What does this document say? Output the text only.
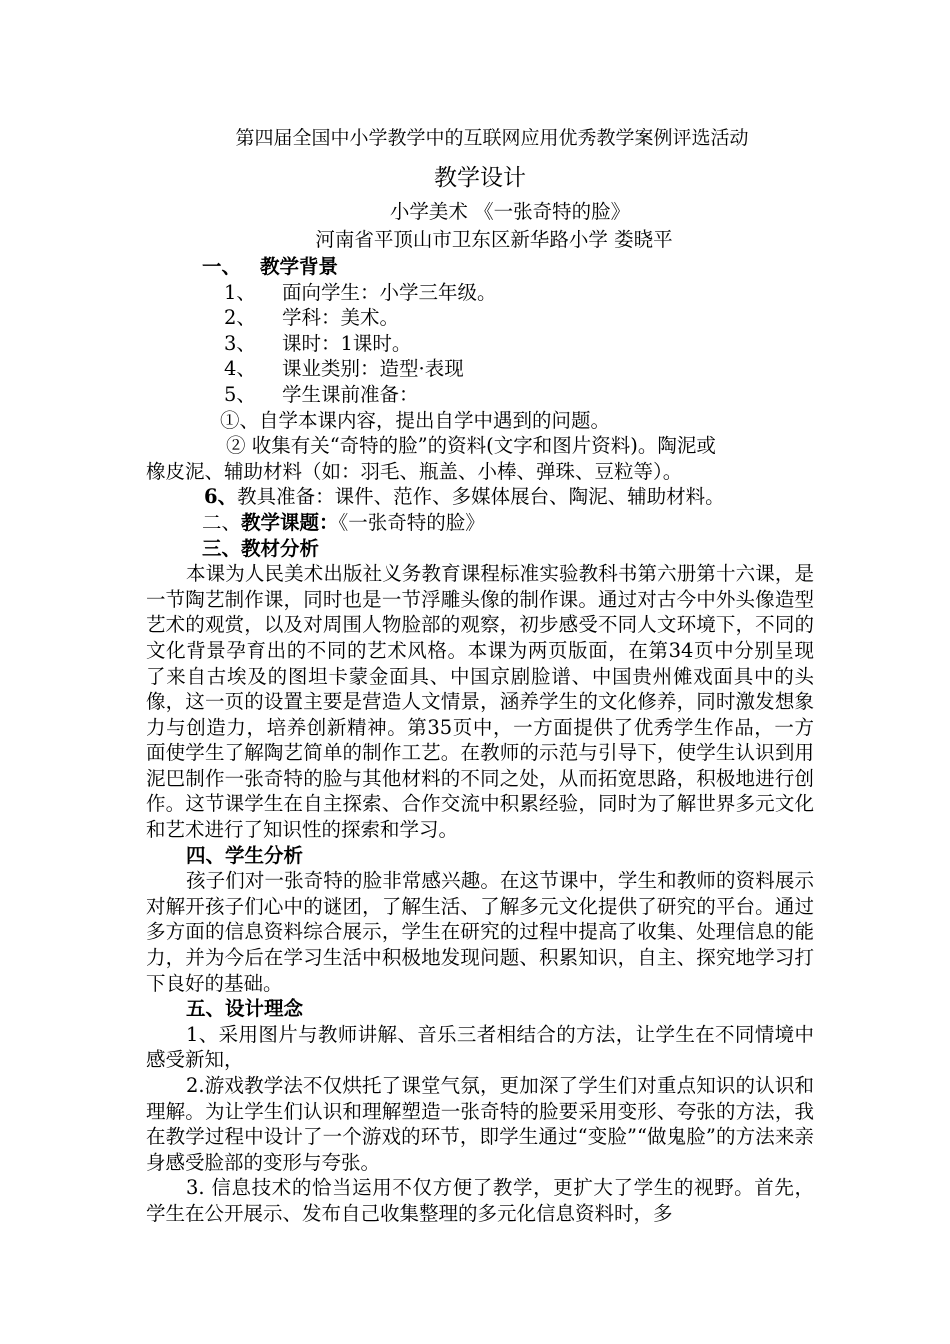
第四届全国中小学教学中的互联网应用优秀教学案例评选活动

教学设计

小学美术 《一张奇特的脸》

河南省平顶山市卫东区新华路小学 娄晓平

一、 教学背景

1、 面向学生：小学三年级。

2、 学科：美术。

3、 课时：1课时。

4、 课业类别：造型·表现

5、 学生课前准备：

①、自学本课内容，提出自学中遇到的问题。

② 收集有关“奇特的脸”的资料(文字和图片资料)。陶泥或

橡皮泥、辅助材料（如：羽毛、瓶盖、小棒、弹珠、豆粒等）。

6、教具准备：课件、范作、多媒体展台、陶泥、辅助材料。

二、教学课题：《一张奇特的脸》

三、教材分析

本课为人民美术出版社义务教育课程标准实验教科书第六册第十六课，是一节陶艺制作课，同时也是一节浮雕头像的制作课。通过对古今中外头像造型艺术的观赏，以及对周围人物脸部的观察，初步感受不同人文环境下，不同的文化背景孕育出的不同的艺术风格。本课为两页版面，在第34页中分别呈现了来自古埃及的图坦卡蒙金面具、中国京剧脸谱、中国贵州傩戏面具中的头像，这一页的设置主要是营造人文情景，涵养学生的文化修养，同时激发想象力与创造力，培养创新精神。第35页中，一方面提供了优秀学生作品，一方面使学生了解陶艺简单的制作工艺。在教师的示范与引导下，使学生认识到用泥巴制作一张奇特的脸与其他材料的不同之处，从而拓宽思路，积极地进行创作。这节课学生在自主探索、合作交流中积累经验，同时为了解世界多元文化和艺术进行了知识性的探索和学习。

四、学生分析

孩子们对一张奇特的脸非常感兴趣。在这节课中，学生和教师的资料展示对解开孩子们心中的谜团，了解生活、了解多元文化提供了研究的平台。通过多方面的信息资料综合展示，学生在研究的过程中提高了收集、处理信息的能力，并为今后在学习生活中积极地发现问题、积累知识，自主、探究地学习打下良好的基础。

五、设计理念

1、采用图片与教师讲解、音乐三者相结合的方法，让学生在不同情境中感受新知，

2.游戏教学法不仅烘托了课堂气氛，更加深了学生们对重点知识的认识和理解。为让学生们认识和理解塑造一张奇特的脸要采用变形、夸张的方法，我在教学过程中设计了一个游戏的环节，即学生通过“变脸”“做鬼脸”的方法来亲身感受脸部的变形与夸张。

3. 信息技术的恰当运用不仅方便了教学，更扩大了学生的视野。首先，学生在公开展示、发布自己收集整理的多元化信息资料时，多
